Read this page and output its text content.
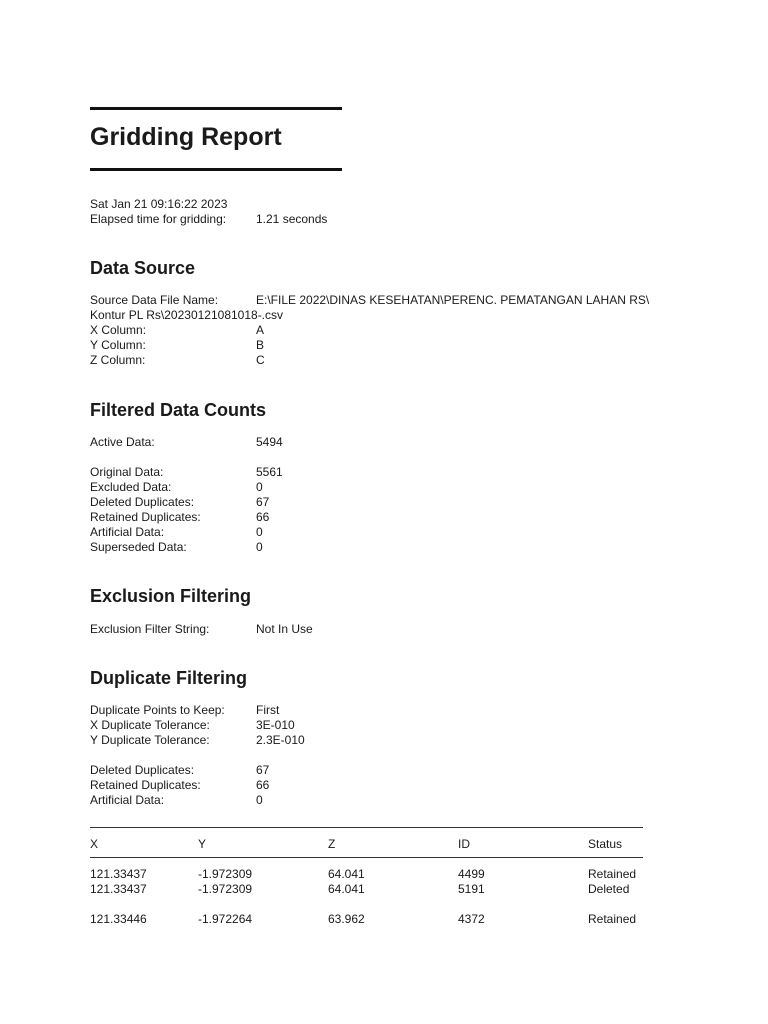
Gridding Report
Sat Jan 21 09:16:22 2023
Elapsed time for gridding: 1.21 seconds
Data Source
Source Data File Name:	E:\FILE 2022\DINAS KESEHATAN\PERENC. PEMATANGAN LAHAN RS\
Kontur PL Rs\20230121081018-.csv
X Column:	A
Y Column:	B
Z Column:	C
Filtered Data Counts
Active Data:	5494
Original Data:	5561
Excluded Data:	0
Deleted Duplicates:	67
Retained Duplicates:	66
Artificial Data:	0
Superseded Data:	0
Exclusion Filtering
Exclusion Filter String:	Not In Use
Duplicate Filtering
Duplicate Points to Keep:	First
X Duplicate Tolerance:	3E-010
Y Duplicate Tolerance:	2.3E-010
Deleted Duplicates:	67
Retained Duplicates:	66
Artificial Data:	0
X	Y	Z	ID	Status
121.33437	-1.972309	64.041	4499	Retained
121.33437	-1.972309	64.041	5191	Deleted
121.33446	-1.972264	63.962	4372	Retained
